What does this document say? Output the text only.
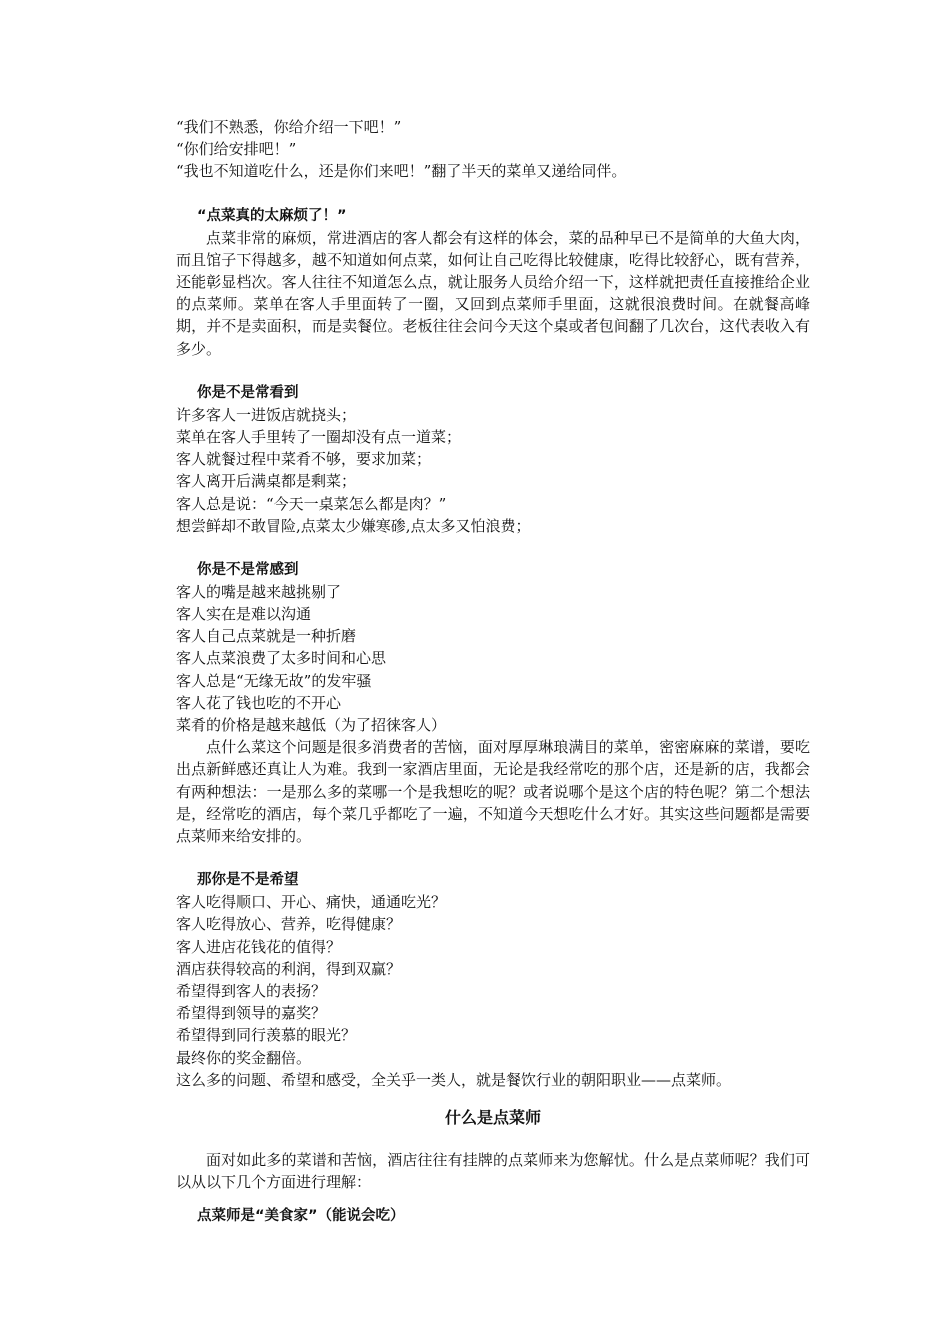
“我们不熟悉，你给介绍一下吧！”
“你们给安排吧！”
“我也不知道吃什么，还是你们来吧！”翻了半天的菜单又递给同伴。
“点菜真的太麻烦了！”
点菜非常的麻烦，常进酒店的客人都会有这样的体会，菜的品种早已不是简单的大鱼大肉，而且馆子下得越多，越不知道如何点菜，如何让自己吃得比较健康，吃得比较舒心，既有营养，还能彰显档次。客人往往不知道怎么点，就让服务人员给介绍一下，这样就把责任直接推给企业的点菜师。菜单在客人手里面转了一圈，又回到点菜师手里面，这就很浪费时间。在就餐高峰期，并不是卖面积，而是卖餐位。老板往往会问今天这个桌或者包间翻了几次台，这代表收入有多少。
你是不是常看到
许多客人一进饭店就挠头；
菜单在客人手里转了一圈却没有点一道菜；
客人就餐过程中菜肴不够，要求加菜；
客人离开后满桌都是剩菜；
客人总是说：“今天一桌菜怎么都是肉？”
想尝鲜却不敢冒险,点菜太少嫌寒碜,点太多又怕浪费；
你是不是常感到
客人的嘴是越来越挑剔了
客人实在是难以沟通
客人自己点菜就是一种折磨
客人点菜浪费了太多时间和心思
客人总是“无缘无故”的发牢骚
客人花了钱也吃的不开心
菜肴的价格是越来越低（为了招徕客人）
点什么菜这个问题是很多消费者的苦恼，面对厚厚琳琅满目的菜单，密密麻麻的菜谱，要吃出点新鲜感还真让人为难。我到一家酒店里面，无论是我经常吃的那个店，还是新的店，我都会有两种想法：一是那么多的菜哪一个是我想吃的呢？或者说哪个是这个店的特色呢？第二个想法是，经常吃的酒店，每个菜几乎都吃了一遍，不知道今天想吃什么才好。其实这些问题都是需要点菜师来给安排的。
那你是不是希望
客人吃得顺口、开心、痛快，通通吃光？
客人吃得放心、营养，吃得健康？
客人进店花钱花的值得？
酒店获得较高的利润，得到双赢？
希望得到客人的表扬？
希望得到领导的嘉奖？
希望得到同行羡慕的眼光？
最终你的奖金翻倍。
这么多的问题、希望和感受，全关乎一类人，就是餐饮行业的朝阳职业——点菜师。
什么是点菜师
面对如此多的菜谱和苦恼，酒店往往有挂牌的点菜师来为您解忧。什么是点菜师呢？我们可以从以下几个方面进行理解：
点菜师是“美食家”（能说会吃）
